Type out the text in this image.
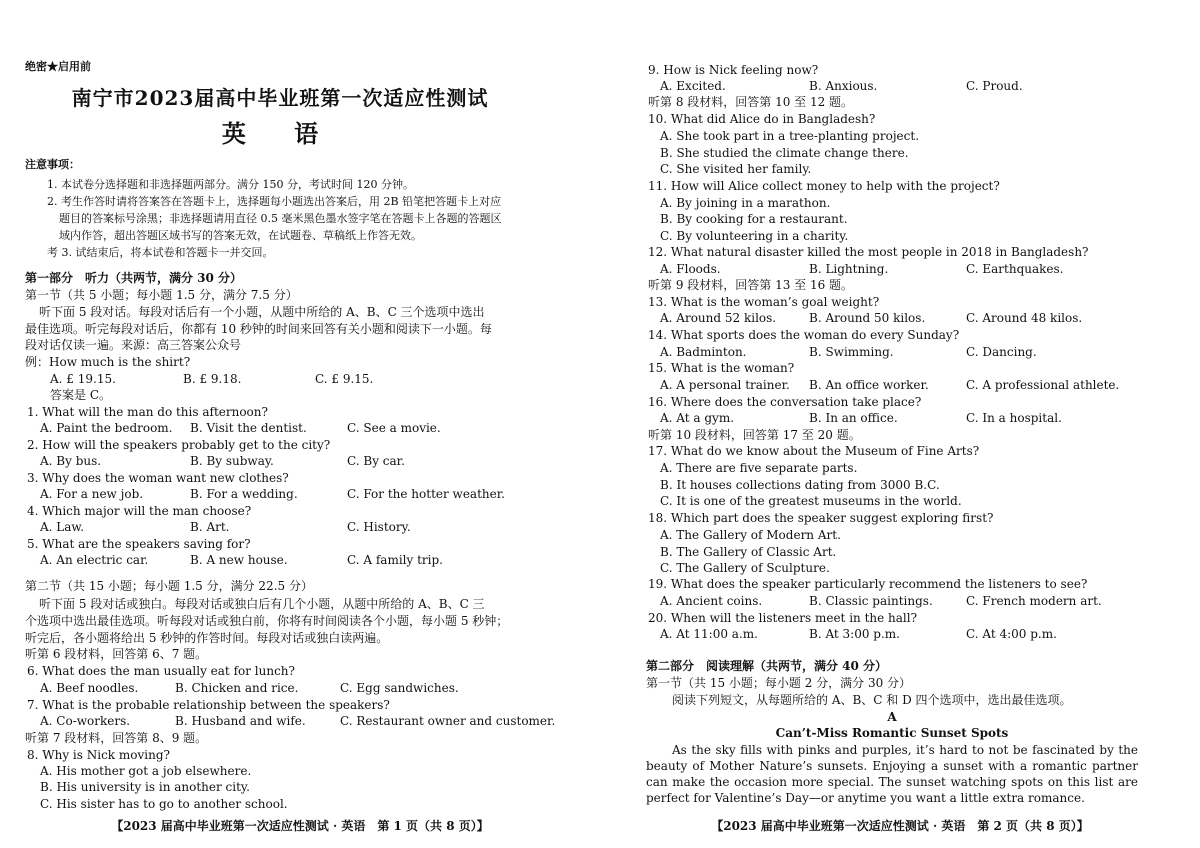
绝密★启用前
南宁市2023届高中毕业班第一次适应性测试
英 语
注意事项：
1. 本试卷分选择题和非选择题两部分。满分 150 分，考试时间 120 分钟。
2. 考生作答时请将答案答在答题卡上，选择题每小题选出答案后，用 2B 铅笔把答题卡上对应
题目的答案标号涂黑；非选择题请用直径 0.5 毫米黑色墨水签字笔在答题卡上各题的答题区
域内作答，超出答题区域书写的答案无效，在试题卷、草稿纸上作答无效。
考 3. 试结束后，将本试卷和答题卡一并交回。
第一部分　听力（共两节，满分 30 分）
第一节（共 5 小题；每小题 1.5 分，满分 7.5 分）
听下面 5 段对话。每段对话后有一个小题，从题中所给的 A、B、C 三个选项中选出
最佳选项。听完每段对话后，你都有 10 秒钟的时间来回答有关小题和阅读下一小题。每
段对话仅读一遍。来源：高三答案公众号
例：How much is the shirt?
A. £ 19.15.	B. £ 9.18.	C. £ 9.15.
答案是 C。
1. What will the man do this afternoon?
A. Paint the bedroom. B. Visit the dentist.	C. See a movie.
2. How will the speakers probably get to the city?
A. By bus.	B. By subway.	C. By car.
3. Why does the woman want new clothes?
A. For a new job.	B. For a wedding.	C. For the hotter weather.
4. Which major will the man choose?
A. Law.	B. Art.	C. History.
5. What are the speakers saving for?
A. An electric car.	B. A new house.	C. A family trip.
第二节（共 15 小题；每小题 1.5 分，满分 22.5 分）
听下面 5 段对话或独白。每段对话或独白后有几个小题，从题中所给的 A、B、C 三
个选项中选出最佳选项。听每段对话或独白前，你将有时间阅读各个小题，每小题 5 秒钟；
听完后，各小题将给出 5 秒钟的作答时间。每段对话或独白读两遍。
听第 6 段材料，回答第 6、7 题。
6. What does the man usually eat for lunch?
A. Beef noodles.	B. Chicken and rice.	C. Egg sandwiches.
7. What is the probable relationship between the speakers?
A. Co-workers.	B. Husband and wife.	C. Restaurant owner and customer.
听第 7 段材料，回答第 8、9 题。
8. Why is Nick moving?
A. His mother got a job elsewhere.
B. His university is in another city.
C. His sister has to go to another school.
【2023 届高中毕业班第一次适应性测试 · 英语　第 1 页（共 8 页）】
9. How is Nick feeling now?
A. Excited.	B. Anxious.	C. Proud.
听第 8 段材料，回答第 10 至 12 题。
10. What did Alice do in Bangladesh?
A. She took part in a tree-planting project.
B. She studied the climate change there.
C. She visited her family.
11. How will Alice collect money to help with the project?
A. By joining in a marathon.
B. By cooking for a restaurant.
C. By volunteering in a charity.
12. What natural disaster killed the most people in 2018 in Bangladesh?
A. Floods.	B. Lightning.	C. Earthquakes.
听第 9 段材料，回答第 13 至 16 题。
13. What is the woman’s goal weight?
A. Around 52 kilos.	B. Around 50 kilos.	C. Around 48 kilos.
14. What sports does the woman do every Sunday?
A. Badminton.	B. Swimming.	C. Dancing.
15. What is the woman?
A. A personal trainer. B. An office worker.	C. A professional athlete.
16. Where does the conversation take place?
A. At a gym.	B. In an office.	C. In a hospital.
听第 10 段材料，回答第 17 至 20 题。
17. What do we know about the Museum of Fine Arts?
A. There are five separate parts.
B. It houses collections dating from 3000 B.C.
C. It is one of the greatest museums in the world.
18. Which part does the speaker suggest exploring first?
A. The Gallery of Modern Art.
B. The Gallery of Classic Art.
C. The Gallery of Sculpture.
19. What does the speaker particularly recommend the listeners to see?
A. Ancient coins.	B. Classic paintings.	C. French modern art.
20. When will the listeners meet in the hall?
A. At 11:00 a.m.	B. At 3:00 p.m.	C. At 4:00 p.m.
第二部分　阅读理解（共两节，满分 40 分）
第一节（共 15 小题；每小题 2 分，满分 30 分）
阅读下列短文，从每题所给的 A、B、C 和 D 四个选项中，选出最佳选项。
A
Can’t-Miss Romantic Sunset Spots
【2023 届高中毕业班第一次适应性测试 · 英语　第 2 页（共 8 页）】
As the sky fills with pinks and purples, it’s hard to not be fascinated by the beauty of Mother Nature’s sunsets. Enjoying a sunset with a romantic partner can make the occasion more special. The sunset watching spots on this list are perfect for Valentine’s Day—or anytime you want a little extra romance.
